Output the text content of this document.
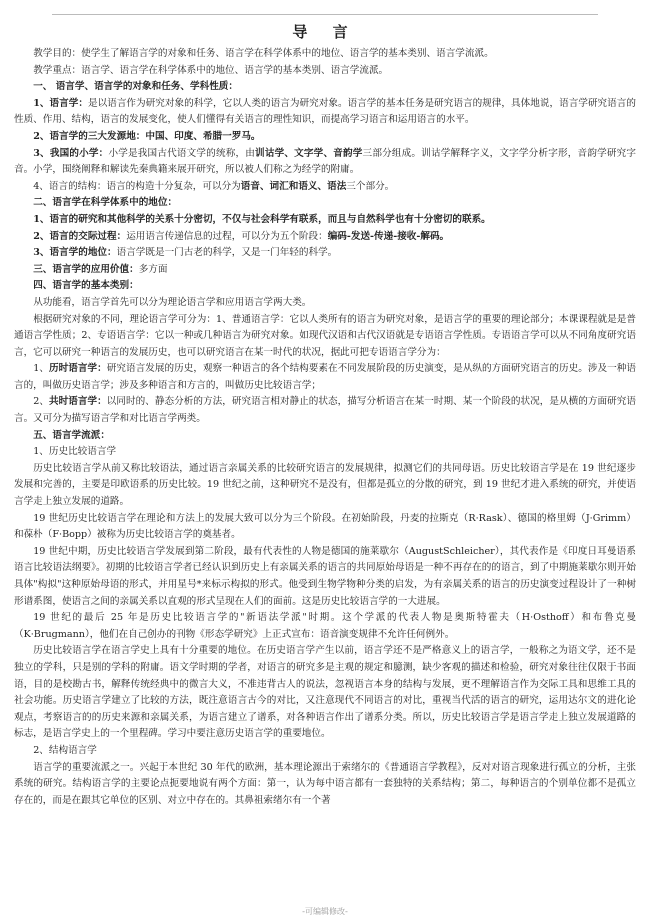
导 言

教学目的：使学生了解语言学的对象和任务、语言学在科学体系中的地位、语言学的基本类别、语言学流派。

教学重点：语言学、语言学在科学体系中的地位、语言学的基本类别、语言学流派。

一、 语言学、语言学的对象和任务、学科性质：

1、语言学：是以语言作为研究对象的科学，它以人类的语言为研究对象。语言学的基本任务是研究语言的规律，具体地说，语言学研究语言的性质、作用、结构，语言的发展变化，使人们懂得有关语言的理性知识，而提高学习语言和运用语言的水平。

2、语言学的三大发源地：中国、印度、希腊一罗马。

3、我国的小学：小学是我国古代语文学的统称，由训诂学、文字学、音韵学三部分组成。训诂学解释字义，文字学分析字形，音韵学研究字音。小学，围绕阐释和解读先秦典籍来展开研究，所以被人们称之为经学的附庸。

4、语言的结构：语言的构造十分复杂，可以分为语音、词汇和语义、语法三个部分。

二、语言学在科学体系中的地位：

1、语言的研究和其他科学的关系十分密切，不仅与社会科学有联系，而且与自然科学也有十分密切的联系。

2、语言的交际过程：运用语言传递信息的过程，可以分为五个阶段：编码-发送-传递-接收-解码。

3、语言学的地位：语言学既是一门古老的科学，又是一门年轻的科学。

三、语言学的应用价值：多方面

四、语言学的基本类别：

从功能看，语言学首先可以分为理论语言学和应用语言学两大类。

根据研究对象的不同，理论语言学可分为：1、普通语言学：它以人类所有的语言为研究对象，是语言学的重要的理论部分；本课课程就是是普通语言学性质；2、专语语言学：它以一种或几种语言为研究对象。如现代汉语和古代汉语就是专语语言学性质。专语语言学可以从不同角度研究语言，它可以研究一种语言的发展历史，也可以研究语言在某一时代的状况，据此可把专语语言学分为：

1、历时语言学：研究语言发展的历史，观察一种语言的各个结构要素在不同发展阶段的历史演变，是从纵的方面研究语言的历史。涉及一种语言的，叫做历史语言学；涉及多种语言和方言的，叫做历史比较语言学；

2、共时语言学：以同时的、静态分析的方法，研究语言相对静止的状态，描写分析语言在某一时期、某一个阶段的状况，是从横的方面研究语言。又可分为描写语言学和对比语言学两类。

五、语言学流派：

1、历史比较语言学

历史比较语言学从前又称比较语法，通过语言亲属关系的比较研究语言的发展规律，拟测它们的共同母语。历史比较语言学是在 19 世纪逐步发展和完善的，主要是印欧语系的历史比较。19 世纪之前，这种研究不是没有，但都是孤立的分散的研究，到 19 世纪才进入系统的研究，并使语言学走上独立发展的道路。

19 世纪历史比较语言学在理论和方法上的发展大致可以分为三个阶段。在初始阶段，丹麦的拉斯克（R·Rask）、德国的格里姆（J·Grimm）和葆朴（F·Bopp）被称为历史比较语言学的奠基者。

19 世纪中期，历史比较语言学发展到第二阶段，最有代表性的人物是德国的施莱歇尔（AugustSchleicher），其代表作是《印度日耳曼语系语言比较语法纲要》。初期的比较语言学者已经认识到历史上有亲属关系的语言的共同原始母语是一种不再存在的的语言，到了中期施莱歇尔则开始具体"构拟"这种原始母语的形式，并用星号*来标示构拟的形式。他受到生物学物种分类的启发，为有亲属关系的语言的历史演变过程设计了一种树形谱系图，使语言之间的亲属关系以直观的形式呈现在人们的面前。这是历史比较语言学的一大进展。

19 世纪的最后 25 年是历史比较语言学的"新语法学派"时期。这个学派的代表人物是奥斯特霍夫（H·Osthoff）和布鲁克曼（K·Brugmann），他们在自己创办的刊物《形态学研究》上正式宣布：语音演变规律不允许任何例外。

历史比较语言学在语言学史上具有十分重要的地位。在历史语言学产生以前，语言学还不是严格意义上的语言学，一般称之为语文学，还不是独立的学科，只是别的学科的附庸。语文学时期的学者，对语言的研究多是主观的规定和臆测，缺少客观的描述和检验，研究对象往往仅限于书面语，目的是校勘古书，解释传统经典中的微言大义，不准违背古人的说法，忽视语言本身的结构与发展，更不理解语言作为交际工具和思维工具的社会功能。历史语言学建立了比较的方法，既注意语言古今的对比，又注意现代不同语言的对比，重视当代活的语言的研究，运用达尔文的进化论观点，考察语言的的历史来源和亲属关系，为语言建立了谱系，对各种语言作出了谱系分类。所以，历史比较语言学是语言学走上独立发展道路的标志，是语言学史上的一个里程碑。学习中要注意历史语言学的重要地位。

2、结构语言学

语言学的重要流派之一。兴起于本世纪 30 年代的欧洲，基本理论源出于索绪尔的《普通语言学教程》，反对对语言现象进行孤立的分析，主张系统的研究。结构语言学的主要论点扼要地说有两个方面：第一，认为每中语言都有一套独特的关系结构；第二，每种语言的个别单位都不是孤立存在的，而是在跟其它单位的区别、对立中存在的。其鼻祖索绪尔有一个著

-可编辑修改-
